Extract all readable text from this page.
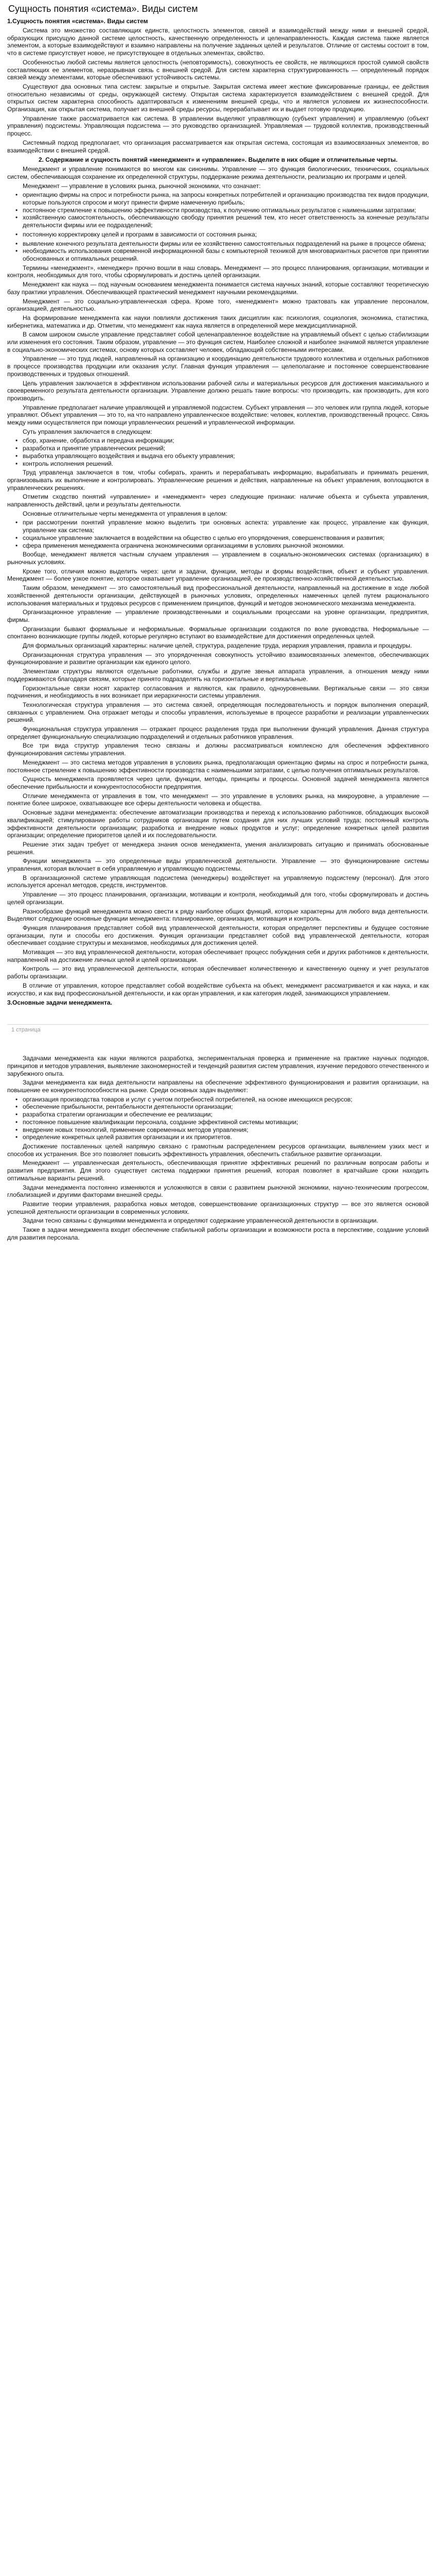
Сущность понятия «система». Виды систем
1.Сущность понятия «система». Виды систем

Система это множество составляющих единств, целостность элементов, связей и взаимодействий между ними и внешней средой, образующих присущую данной системе целостность, качественную определенность и целенаправленность. Каждая система также является элементом, а которые взаимодействуют и взаимно направлены на получение заданных целей и результатов. Отличие от системы состоит в том, что в системе присутствует новое, не присутствующее в отдельных элементах, свойство.

Особенностью любой системы является целостность (неповторимость), совокупность ее свойств, не являющихся простой суммой свойств составляющих ее элементов, неразрывная связь с внешней средой. Для систем характерна структурированность — определенный порядок связей между элементами, которые обеспечивают устойчивость системы.

Существуют два основных типа систем: закрытые и открытые. Закрытая система имеет жесткие фиксированные границы, ее действия относительно независимы от среды, окружающей систему. Открытая система характеризуется взаимодействием с внешней средой. Для открытых систем характерна способность адаптироваться к изменениям внешней среды, что и является условием их жизнеспособности. Организация, как открытая система, получает из внешней среды ресурсы, перерабатывает их и выдает готовую продукцию.

Управление также рассматривается как система. В управлении выделяют управляющую (субъект управления) и управляемую (объект управления) подсистемы. Управляющая подсистема — это руководство организацией. Управляемая — трудовой коллектив, производственный процесс.

Системный подход предполагает, что организация рассматривается как открытая система, состоящая из взаимосвязанных элементов, во взаимодействии с внешней средой.

2. Содержание и сущность понятий «менеджмент» и «управление». Выделите в них общие и отличительные черты.

Менеджмент и управление понимаются во многом как синонимы. Управление — это функция биологических, технических, социальных систем, обеспечивающая сохранение их определенной структуры, поддержание режима деятельности, реализацию их программ и целей.

Менеджмент — управление в условиях рынка, рыночной экономики, что означает:

• ориентацию фирмы на спрос и потребности рынка, на запросы конкретных потребителей и организацию производства тех видов продукции, которые пользуются спросом и могут принести фирме намеченную прибыль;
• постоянное стремление к повышению эффективности производства, к получению оптимальных результатов с наименьшими затратами;
• хозяйственную самостоятельность, обеспечивающую свободу принятия решений тем, кто несет ответственность за конечные результаты деятельности фирмы или ее подразделений;
• постоянную корректировку целей и программ в зависимости от состояния рынка;
• выявление конечного результата деятельности фирмы или ее хозяйственно самостоятельных подразделений на рынке в процессе обмена;
• необходимость использования современной информационной базы с компьютерной техникой для многовариантных расчетов при принятии обоснованных и оптимальных решений.

Термины «менеджмент», «менеджер» прочно вошли в наш словарь. Менеджмент — это процесс планирования, организации, мотивации и контроля, необходимых для того, чтобы сформулировать и достичь целей организации.

Менеджмент как наука — под научным основанием менеджмента понимается система научных знаний, которые составляют теоретическую базу практики управления. Обеспечивающей практический менеджмент научными рекомендациями.

Менеджмент — это социально-управленческая сфера. Кроме того, «менеджмент» можно трактовать как управление персоналом, организацией, деятельностью.

На формирование менеджмента как науки повлияли достижения таких дисциплин как: психология, социология, экономика, статистика, кибернетика, математика и др. Отметим, что менеджмент как наука является в определенной мере междисциплинарной.

В самом широком смысле управление представляет собой целенаправленное воздействие на управляемый объект с целью стабилизации или изменения его состояния. Таким образом, управление — это функция систем, Наиболее сложной и наиболее значимой является управление в социально-экономических системах, основу которых составляет человек, обладающий собственными интересами.

Управление — это труд людей, направленный на организацию и координацию деятельности трудового коллектива и отдельных работников в процессе производства продукции или оказания услуг. Главная функция управления — целеполагание и постоянное совершенствование производственных и трудовых отношений.

Цель управления заключается в эффективном использовании рабочей силы и материальных ресурсов для достижения максимального и своевременного результата деятельности организации. Управление должно решать такие вопросы: что производить, как производить, для кого производить.

Управление предполагает наличие управляющей и управляемой подсистем. Субъект управления — это человек или группа людей, которые управляют. Объект управления — это то, на что направлено управленческое воздействие: человек, коллектив, производственный процесс. Связь между ними осуществляется при помощи управленческих решений и управленческой информации.

Суть управления заключается в следующем:

• сбор, хранение, обработка и передача информации;
• разработка и принятие управленческих решений;
• выработка управляющего воздействия и выдача его объекту управления;
• контроль исполнения решений.

Труд управленца заключается в том, чтобы собирать, хранить и перерабатывать информацию, вырабатывать и принимать решения, организовывать их выполнение и контролировать. Управленческие решения и действия, направленные на объект управления, воплощаются в управленческих решениях.

Отметим сходство понятий «управление» и «менеджмент» через следующие признаки: наличие объекта и субъекта управления, направленность действий, цели и результаты деятельности.

Основные отличительные черты менеджмента от управления в целом:

• при рассмотрении понятий управление можно выделить три основных аспекта: управление как процесс, управление как функция, управление как система;
• социальное управление заключается в воздействии на общество с целью его упорядочения, совершенствования и развития;
• сфера применения менеджмента ограничена экономическими организациями в условиях рыночной экономики.

Вообще, менеджмент является частным случаем управления — управлением в социально-экономических системах (организациях) в рыночных условиях.

Кроме того, отличия можно выделить через: цели и задачи, функции, методы и формы воздействия, объект и субъект управления. Менеджмент — более узкое понятие, которое охватывает управление организацией, ее производственно-хозяйственной деятельностью.

Таким образом, менеджмент — это самостоятельный вид профессиональной деятельности, направленный на достижение в ходе любой хозяйственной деятельности организации, действующей в рыночных условиях, определенных намеченных целей путем рационального использования материальных и трудовых ресурсов с применением принципов, функций и методов экономического механизма менеджмента.

Организационное управление — управление производственными и социальными процессами на уровне организации, предприятия, фирмы.

Организации бывают формальные и неформальные. Формальные организации создаются по воле руководства. Неформальные — спонтанно возникающие группы людей, которые регулярно вступают во взаимодействие для достижения определенных целей.

Для формальных организаций характерны: наличие целей, структура, разделение труда, иерархия управления, правила и процедуры.

Организационная структура управления — это упорядоченная совокупность устойчиво взаимосвязанных элементов, обеспечивающих функционирование и развитие организации как единого целого.

Элементами структуры являются отдельные работники, службы и другие звенья аппарата управления, а отношения между ними поддерживаются благодаря связям, которые принято подразделять на горизонтальные и вертикальные.

Горизонтальные связи носят характер согласования и являются, как правило, одноуровневыми. Вертикальные связи — это связи подчинения, и необходимость в них возникает при иерархичности системы управления.

Технологическая структура управления — это система связей, определяющая последовательность и порядок выполнения операций, связанных с управлением. Она отражает методы и способы управления, используемые в процессе разработки и реализации управленческих решений.

Функциональная структура управления — отражает процесс разделения труда при выполнении функций управления. Данная структура определяет функциональную специализацию подразделений и отдельных работников управления.

Все три вида структур управления тесно связаны и должны рассматриваться комплексно для обеспечения эффективного функционирования системы управления.

Менеджмент — это система методов управления в условиях рынка, предполагающая ориентацию фирмы на спрос и потребности рынка, постоянное стремление к повышению эффективности производства с наименьшими затратами, с целью получения оптимальных результатов.

Сущность менеджмента проявляется через цели, функции, методы, принципы и процессы. Основной задачей менеджмента является обеспечение прибыльности и конкурентоспособности предприятия.

Отличие менеджмента от управления в том, что менеджмент — это управление в условиях рынка, на микроуровне, а управление — понятие более широкое, охватывающее все сферы деятельности человека и общества.

Основные задачи менеджмента: обеспечение автоматизации производства и переход к использованию работников, обладающих высокой квалификацией; стимулирование работы сотрудников организации путем создания для них лучших условий труда; постоянный контроль эффективности деятельности организации; разработка и внедрение новых продуктов и услуг; определение конкретных целей развития организации; определение приоритетов целей и их последовательности.

Решение этих задач требует от менеджера знания основ менеджмента, умения анализировать ситуацию и принимать обоснованные решения.

Функции менеджмента — это определенные виды управленческой деятельности. Управление — это функционирование системы управления, которая включает в себя управляемую и управляющую подсистемы.

В организационной системе управляющая подсистема (менеджеры) воздействует на управляемую подсистему (персонал). Для этого используется арсенал методов, средств, инструментов.

Управление — это процесс планирования, организации, мотивации и контроля, необходимый для того, чтобы сформулировать и достичь целей организации.

Разнообразие функций менеджмента можно свести к ряду наиболее общих функций, которые характерны для любого вида деятельности. Выделяют следующие основные функции менеджмента: планирование, организация, мотивация и контроль.

Функция планирования представляет собой вид управленческой деятельности, которая определяет перспективы и будущее состояние организации, пути и способы его достижения. Функция организации представляет собой вид управленческой деятельности, которая обеспечивает создание структуры и механизмов, необходимых для достижения целей.

Мотивация — это вид управленческой деятельности, которая обеспечивает процесс побуждения себя и других работников к деятельности, направленной на достижение личных целей и целей организации.

Контроль — это вид управленческой деятельности, которая обеспечивает количественную и качественную оценку и учет результатов работы организации.

В отличие от управления, которое представляет собой воздействие субъекта на объект, менеджмент рассматривается и как наука, и как искусство, и как вид профессиональной деятельности, и как орган управления, и как категория людей, занимающихся управлением.

3.Основные задачи менеджмента.
1 страница

Задачами менеджмента как науки являются разработка, экспериментальная проверка и применение на практике научных подходов, принципов и методов управления, выявление закономерностей и тенденций развития систем управления, изучение передового отечественного и зарубежного опыта.

Задачи менеджмента как вида деятельности направлены на обеспечение эффективного функционирования и развития организации, на повышение ее конкурентоспособности на рынке. Среди основных задач выделяют:

• организация производства товаров и услуг с учетом потребностей потребителей, на основе имеющихся ресурсов;
• обеспечение прибыльности, рентабельности деятельности организации;
• разработка стратегии организации и обеспечение ее реализации;
• постоянное повышение квалификации персонала, создание эффективной системы мотивации;
• внедрение новых технологий, применение современных методов управления;
• определение конкретных целей развития организации и их приоритетов.

Достижение поставленных целей напрямую связано с грамотным распределением ресурсов организации, выявлением узких мест и способов их устранения. Все это позволяет повысить эффективность управления, обеспечить стабильное развитие организации.

Менеджмент — управленческая деятельность, обеспечивающая принятие эффективных решений по различным вопросам работы и развития предприятия. Для этого существует система поддержки принятия решений, которая позволяет в кратчайшие сроки находить оптимальные варианты решений.

Задачи менеджмента постоянно изменяются и усложняются в связи с развитием рыночной экономики, научно-техническим прогрессом, глобализацией и другими факторами внешней среды.

Развитие теории управления, разработка новых методов, совершенствование организационных структур — все это является основой успешной деятельности организации в современных условиях.

Задачи тесно связаны с функциями менеджмента и определяют содержание управленческой деятельности в организации.

Также в задачи менеджмента входит обеспечение стабильной работы организации и возможности роста в перспективе, создание условий для развития персонала.
